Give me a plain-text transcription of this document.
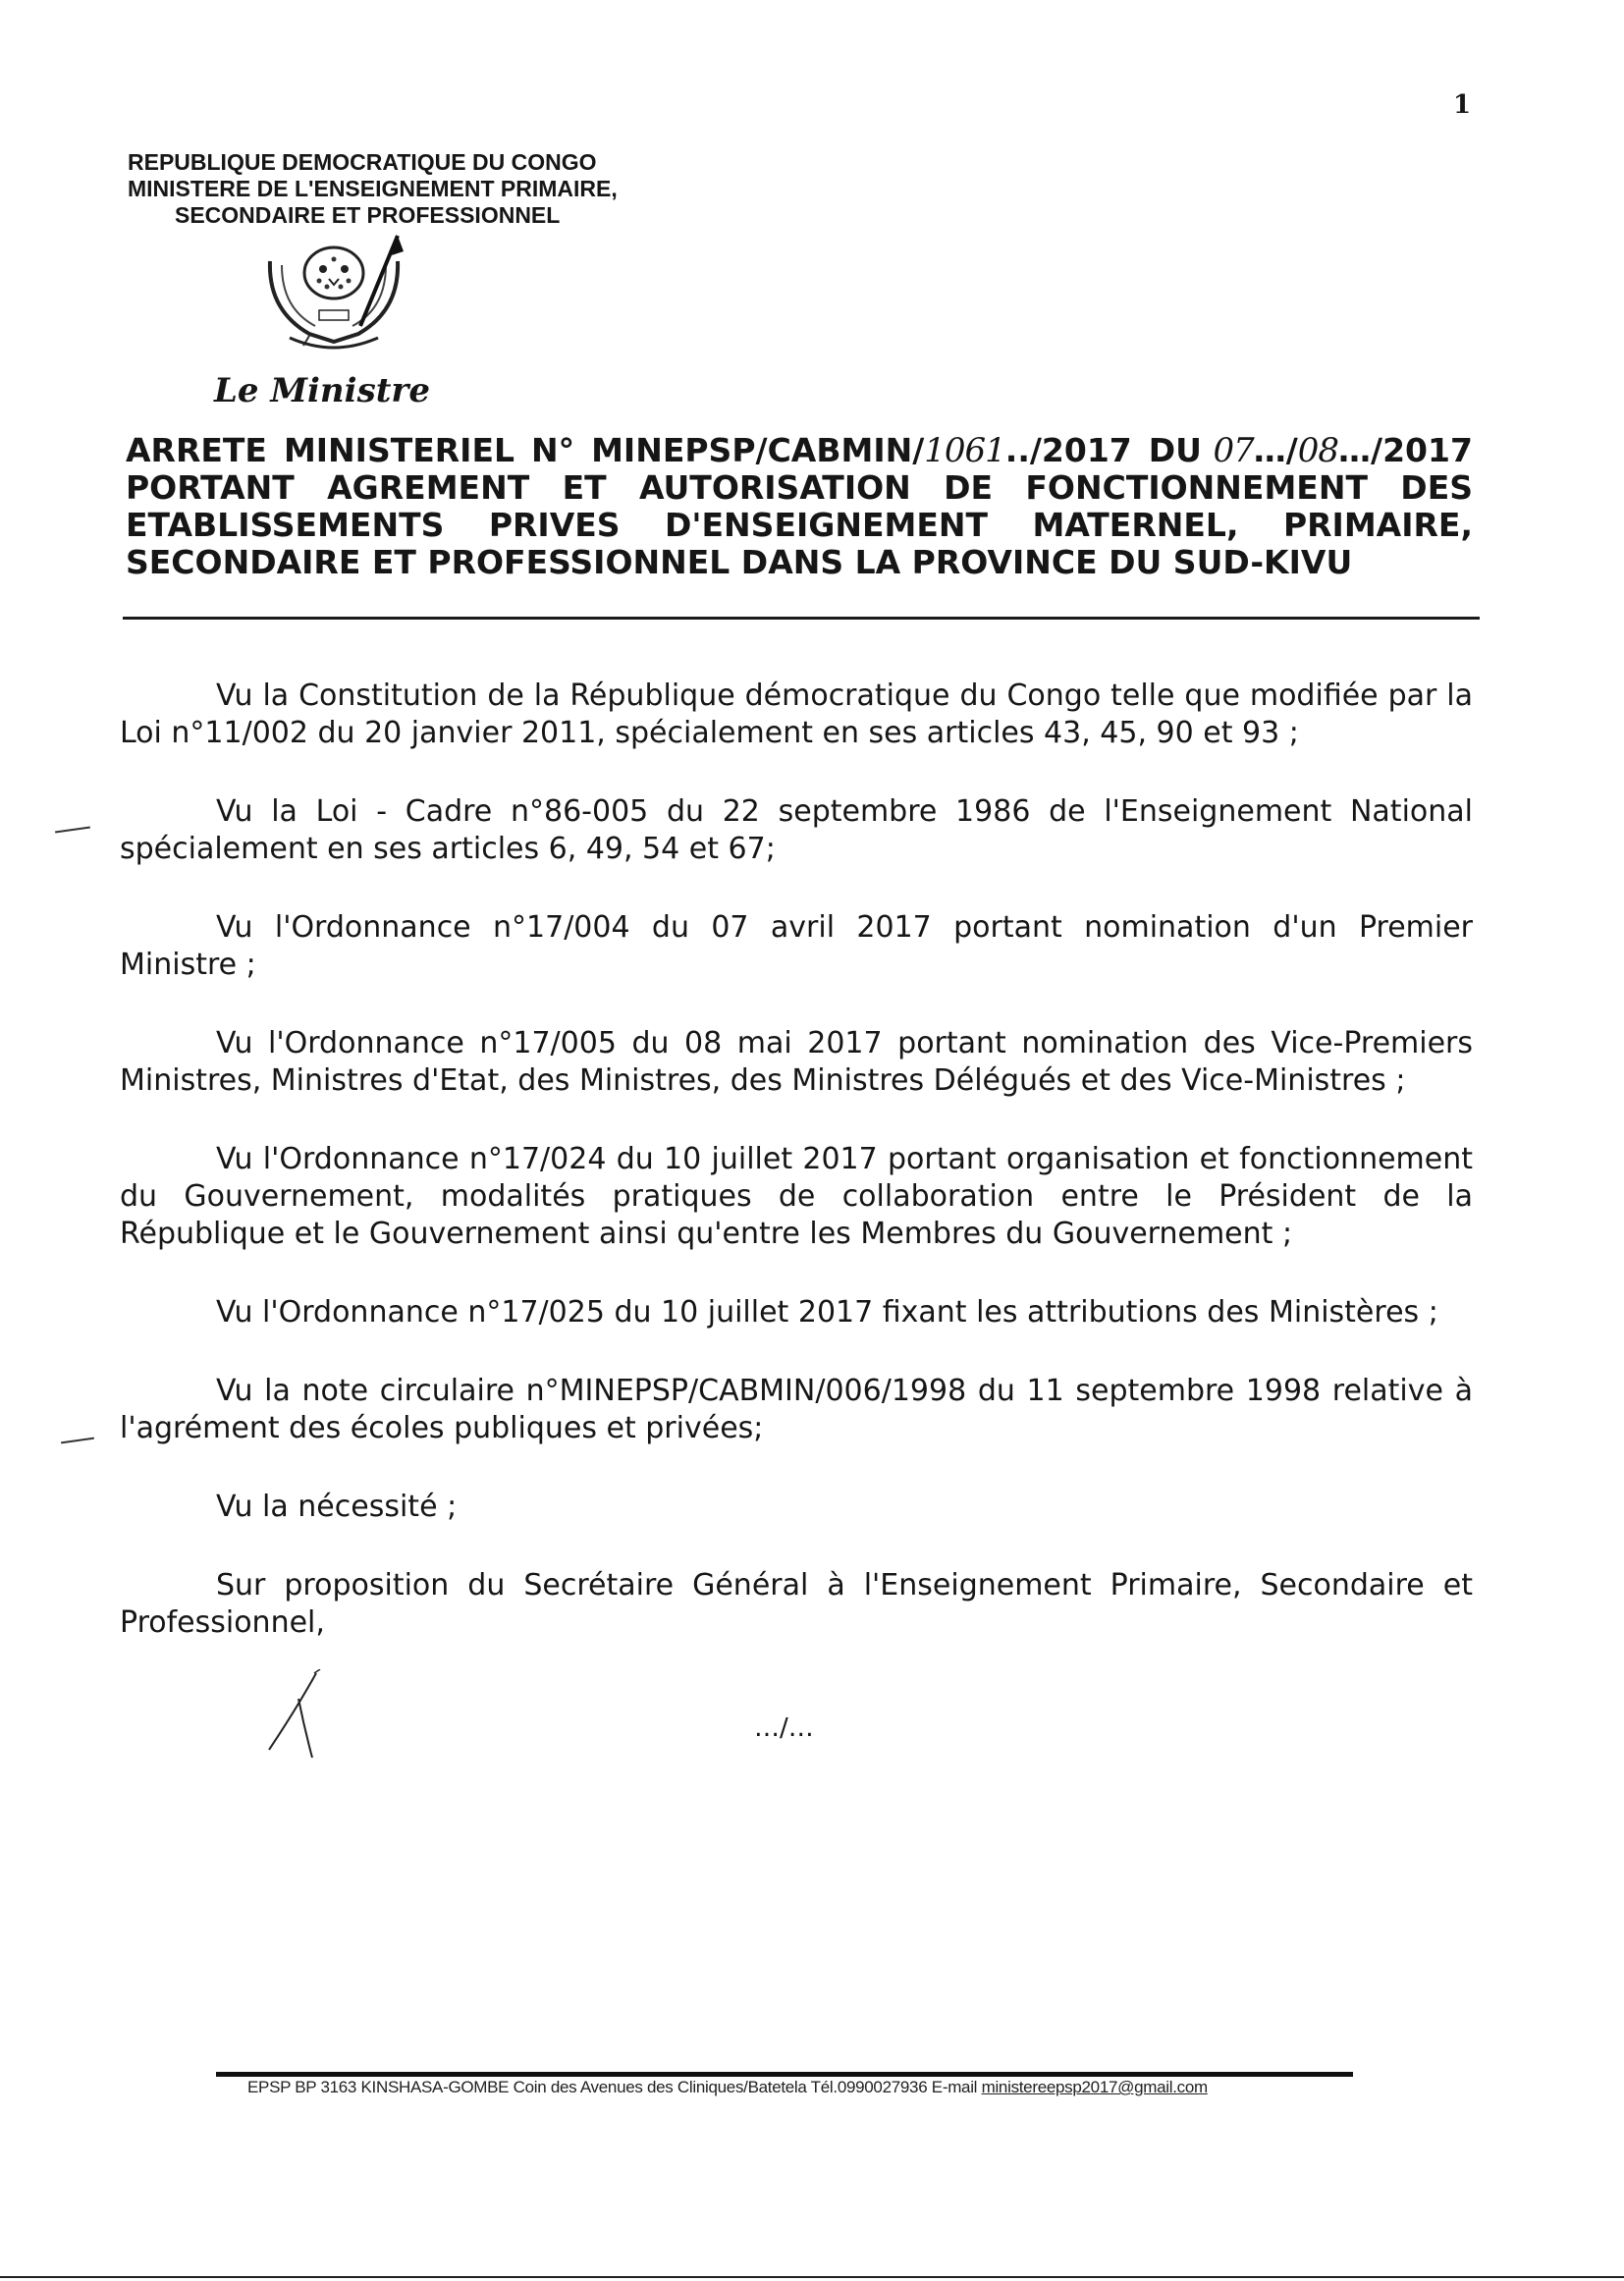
1
REPUBLIQUE DEMOCRATIQUE DU CONGO
MINISTERE DE L'ENSEIGNEMENT PRIMAIRE,
SECONDAIRE ET PROFESSIONNEL
Le Ministre
ARRETE MINISTERIEL N° MINEPSP/CABMIN/1061../2017 DU 07…/08…/2017
PORTANT AGREMENT ET AUTORISATION DE FONCTIONNEMENT DES
ETABLISSEMENTS PRIVES D'ENSEIGNEMENT MATERNEL, PRIMAIRE,
SECONDAIRE ET PROFESSIONNEL DANS LA PROVINCE DU SUD-KIVU

Vu la Constitution de la République démocratique du Congo telle que modifiée par la Loi n°11/002 du 20 janvier 2011, spécialement en ses articles 43, 45, 90 et 93 ;

Vu la Loi - Cadre n°86-005 du 22 septembre 1986 de l'Enseignement National spécialement en ses articles 6, 49, 54 et 67;

Vu l'Ordonnance n°17/004 du 07 avril 2017 portant nomination d'un Premier Ministre ;

Vu l'Ordonnance n°17/005 du 08 mai 2017 portant nomination des Vice-Premiers Ministres, Ministres d'Etat, des Ministres, des Ministres Délégués et des Vice-Ministres ;

Vu l'Ordonnance n°17/024 du 10 juillet 2017 portant organisation et fonctionnement du Gouvernement, modalités pratiques de collaboration entre le Président de la République et le Gouvernement ainsi qu'entre les Membres du Gouvernement ;

Vu l'Ordonnance n°17/025 du 10 juillet 2017 fixant les attributions des Ministères ;

Vu la note circulaire n°MINEPSP/CABMIN/006/1998 du 11 septembre 1998 relative à l'agrément des écoles publiques et privées;

Vu la nécessité ;

Sur proposition du Secrétaire Général à l'Enseignement Primaire, Secondaire et Professionnel,

…/…
EPSP BP 3163 KINSHASA-GOMBE Coin des Avenues des Cliniques/Batetela Tél.0990027936 E-mail ministereepsp2017@gmail.com
